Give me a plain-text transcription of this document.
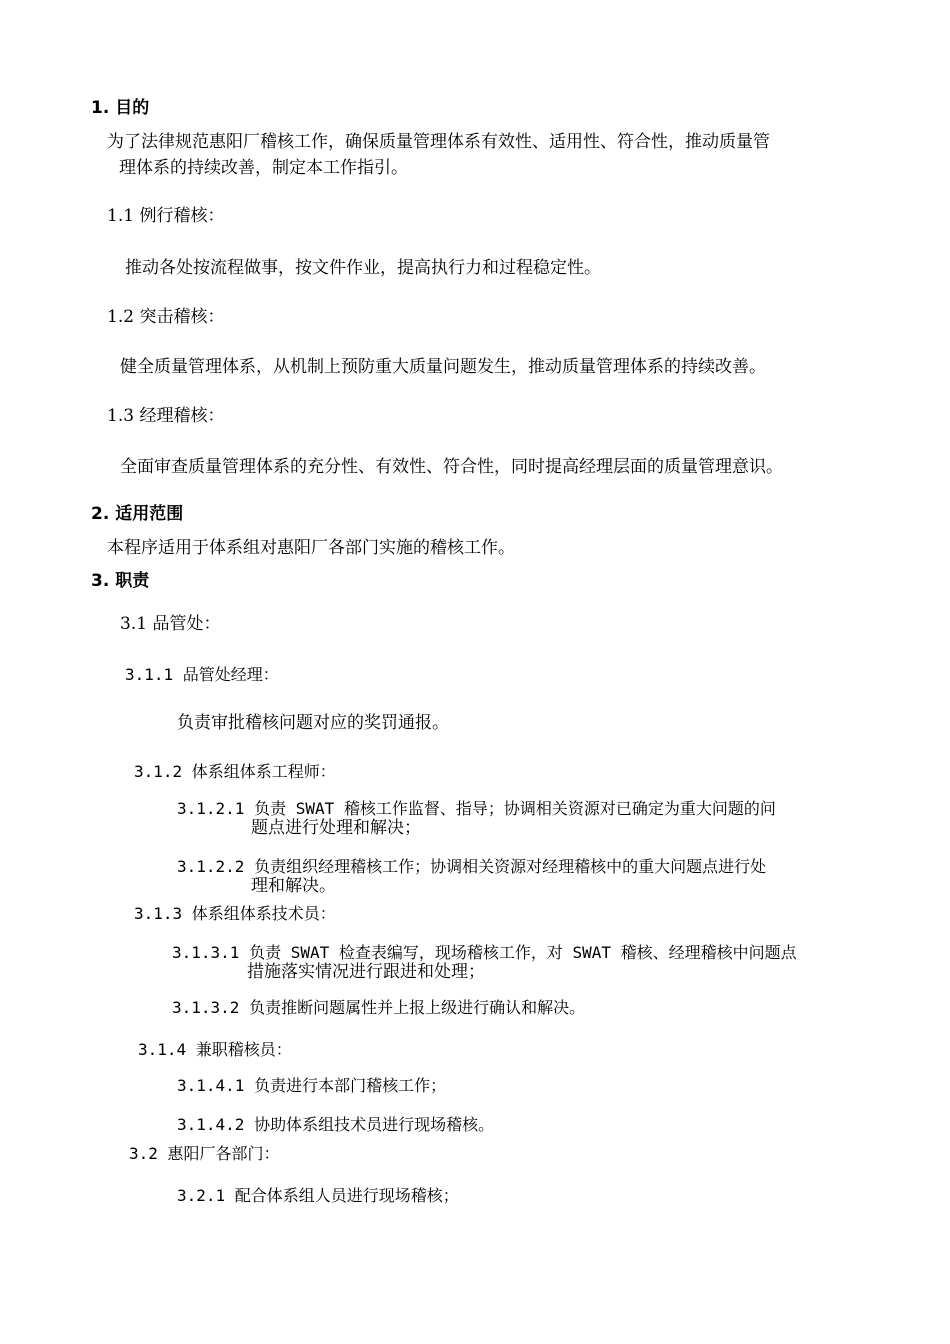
1. 目的
为了法律规范惠阳厂稽核工作，确保质量管理体系有效性、适用性、符合性，推动质量管
理体系的持续改善，制定本工作指引。
1.1 例行稽核：
推动各处按流程做事，按文件作业，提高执行力和过程稳定性。
1.2 突击稽核：
健全质量管理体系，从机制上预防重大质量问题发生，推动质量管理体系的持续改善。
1.3 经理稽核：
全面审查质量管理体系的充分性、有效性、符合性，同时提高经理层面的质量管理意识。
2. 适用范围
本程序适用于体系组对惠阳厂各部门实施的稽核工作。
3. 职责
3.1 品管处：
3.1.1 品管处经理：
负责审批稽核问题对应的奖罚通报。
3.1.2 体系组体系工程师：
3.1.2.1 负责 SWAT 稽核工作监督、指导；协调相关资源对已确定为重大问题的问
题点进行处理和解决；
3.1.2.2 负责组织经理稽核工作；协调相关资源对经理稽核中的重大问题点进行处
理和解决。
3.1.3 体系组体系技术员：
3.1.3.1 负责 SWAT 检查表编写，现场稽核工作，对 SWAT 稽核、经理稽核中问题点
措施落实情况进行跟进和处理；
3.1.3.2 负责推断问题属性并上报上级进行确认和解决。
3.1.4 兼职稽核员：
3.1.4.1 负责进行本部门稽核工作；
3.1.4.2 协助体系组技术员进行现场稽核。
3.2 惠阳厂各部门：
3.2.1 配合体系组人员进行现场稽核；
